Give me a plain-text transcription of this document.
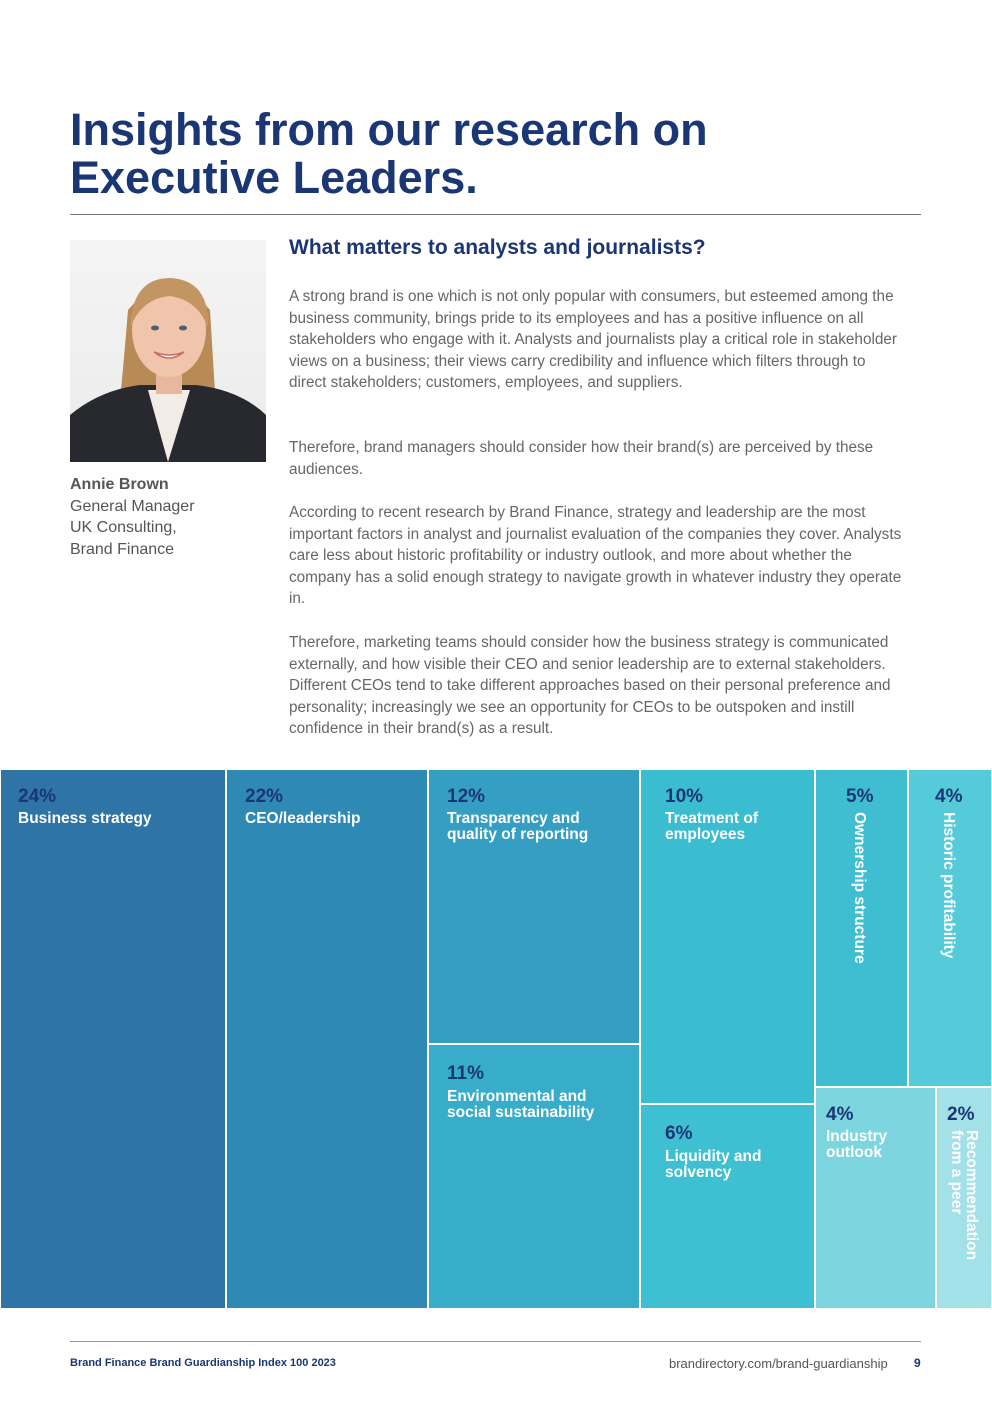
Insights from our research on
Executive Leaders.
Annie Brown
General Manager
UK Consulting,
Brand Finance
What matters to analysts and journalists?

A strong brand is one which is not only popular with consumers, but esteemed among the business community, brings pride to its employees and has a positive influence on all stakeholders who engage with it. Analysts and journalists play a critical role in stakeholder views on a business; their views carry credibility and influence which filters through to direct stakeholders; customers, employees, and suppliers.

Therefore, brand managers should consider how their brand(s) are perceived by these audiences.

According to recent research by Brand Finance, strategy and leadership are the most important factors in analyst and journalist evaluation of the companies they cover. Analysts care less about historic profitability or industry outlook, and more about whether the company has a solid enough strategy to navigate growth in whatever industry they operate in.

Therefore, marketing teams should consider how the business strategy is communicated externally, and how visible their CEO and senior leadership are to external stakeholders. Different CEOs tend to take different approaches based on their personal preference and personality; increasingly we see an opportunity for CEOs to be outspoken and instill confidence in their brand(s) as a result.

24%
Business strategy
22%
CEO/leadership
12%
Transparency and quality of reporting
11%
Environmental and social sustainability
10%
Treatment of employees
6%
Liquidity and solvency
5%
Ownership structure
4%
Historic profitability
4%
Industry outlook
2%
Recommendation from a peer
Brand Finance Brand Guardianship Index 100 2023	brandirectory.com/brand-guardianship 9
